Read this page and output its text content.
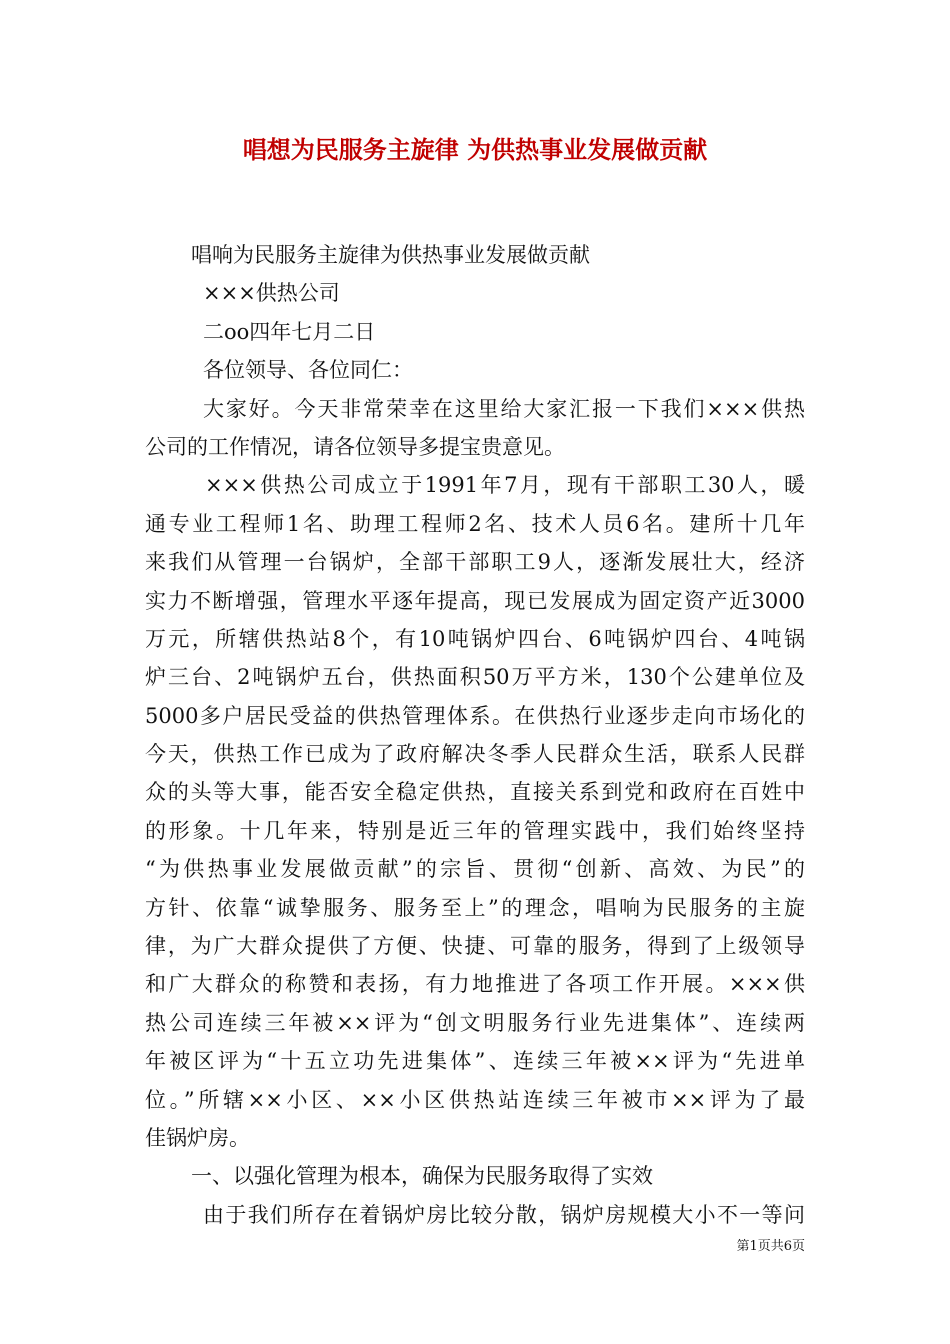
唱想为民服务主旋律 为供热事业发展做贡献

唱响为民服务主旋律为供热事业发展做贡献

×××供热公司

二oo四年七月二日

各位领导、各位同仁：

大家好。今天非常荣幸在这里给大家汇报一下我们×××供热

公司的工作情况，请各位领导多提宝贵意见。

×××供热公司成立于1991年7月，现有干部职工30人，暖

通专业工程师1名、助理工程师2名、技术人员6名。建所十几年

来我们从管理一台锅炉，全部干部职工9人，逐渐发展壮大，经济

实力不断增强，管理水平逐年提高，现已发展成为固定资产近3000

万元，所辖供热站8个，有10吨锅炉四台、6吨锅炉四台、4吨锅

炉三台、2吨锅炉五台，供热面积50万平方米，130个公建单位及

5000多户居民受益的供热管理体系。在供热行业逐步走向市场化的

今天，供热工作已成为了政府解决冬季人民群众生活，联系人民群

众的头等大事，能否安全稳定供热，直接关系到党和政府在百姓中

的形象。十几年来，特别是近三年的管理实践中，我们始终坚持

“为供热事业发展做贡献”的宗旨、贯彻“创新、高效、为民”的

方针、依靠“诚挚服务、服务至上”的理念，唱响为民服务的主旋

律，为广大群众提供了方便、快捷、可靠的服务，得到了上级领导

和广大群众的称赞和表扬，有力地推进了各项工作开展。×××供

热公司连续三年被××评为“创文明服务行业先进集体”、连续两

年被区评为“十五立功先进集体”、连续三年被××评为“先进单

位。”所辖××小区、××小区供热站连续三年被市××评为了最

佳锅炉房。

一、以强化管理为根本，确保为民服务取得了实效

由于我们所存在着锅炉房比较分散，锅炉房规模大小不一等问

第1页共6页
